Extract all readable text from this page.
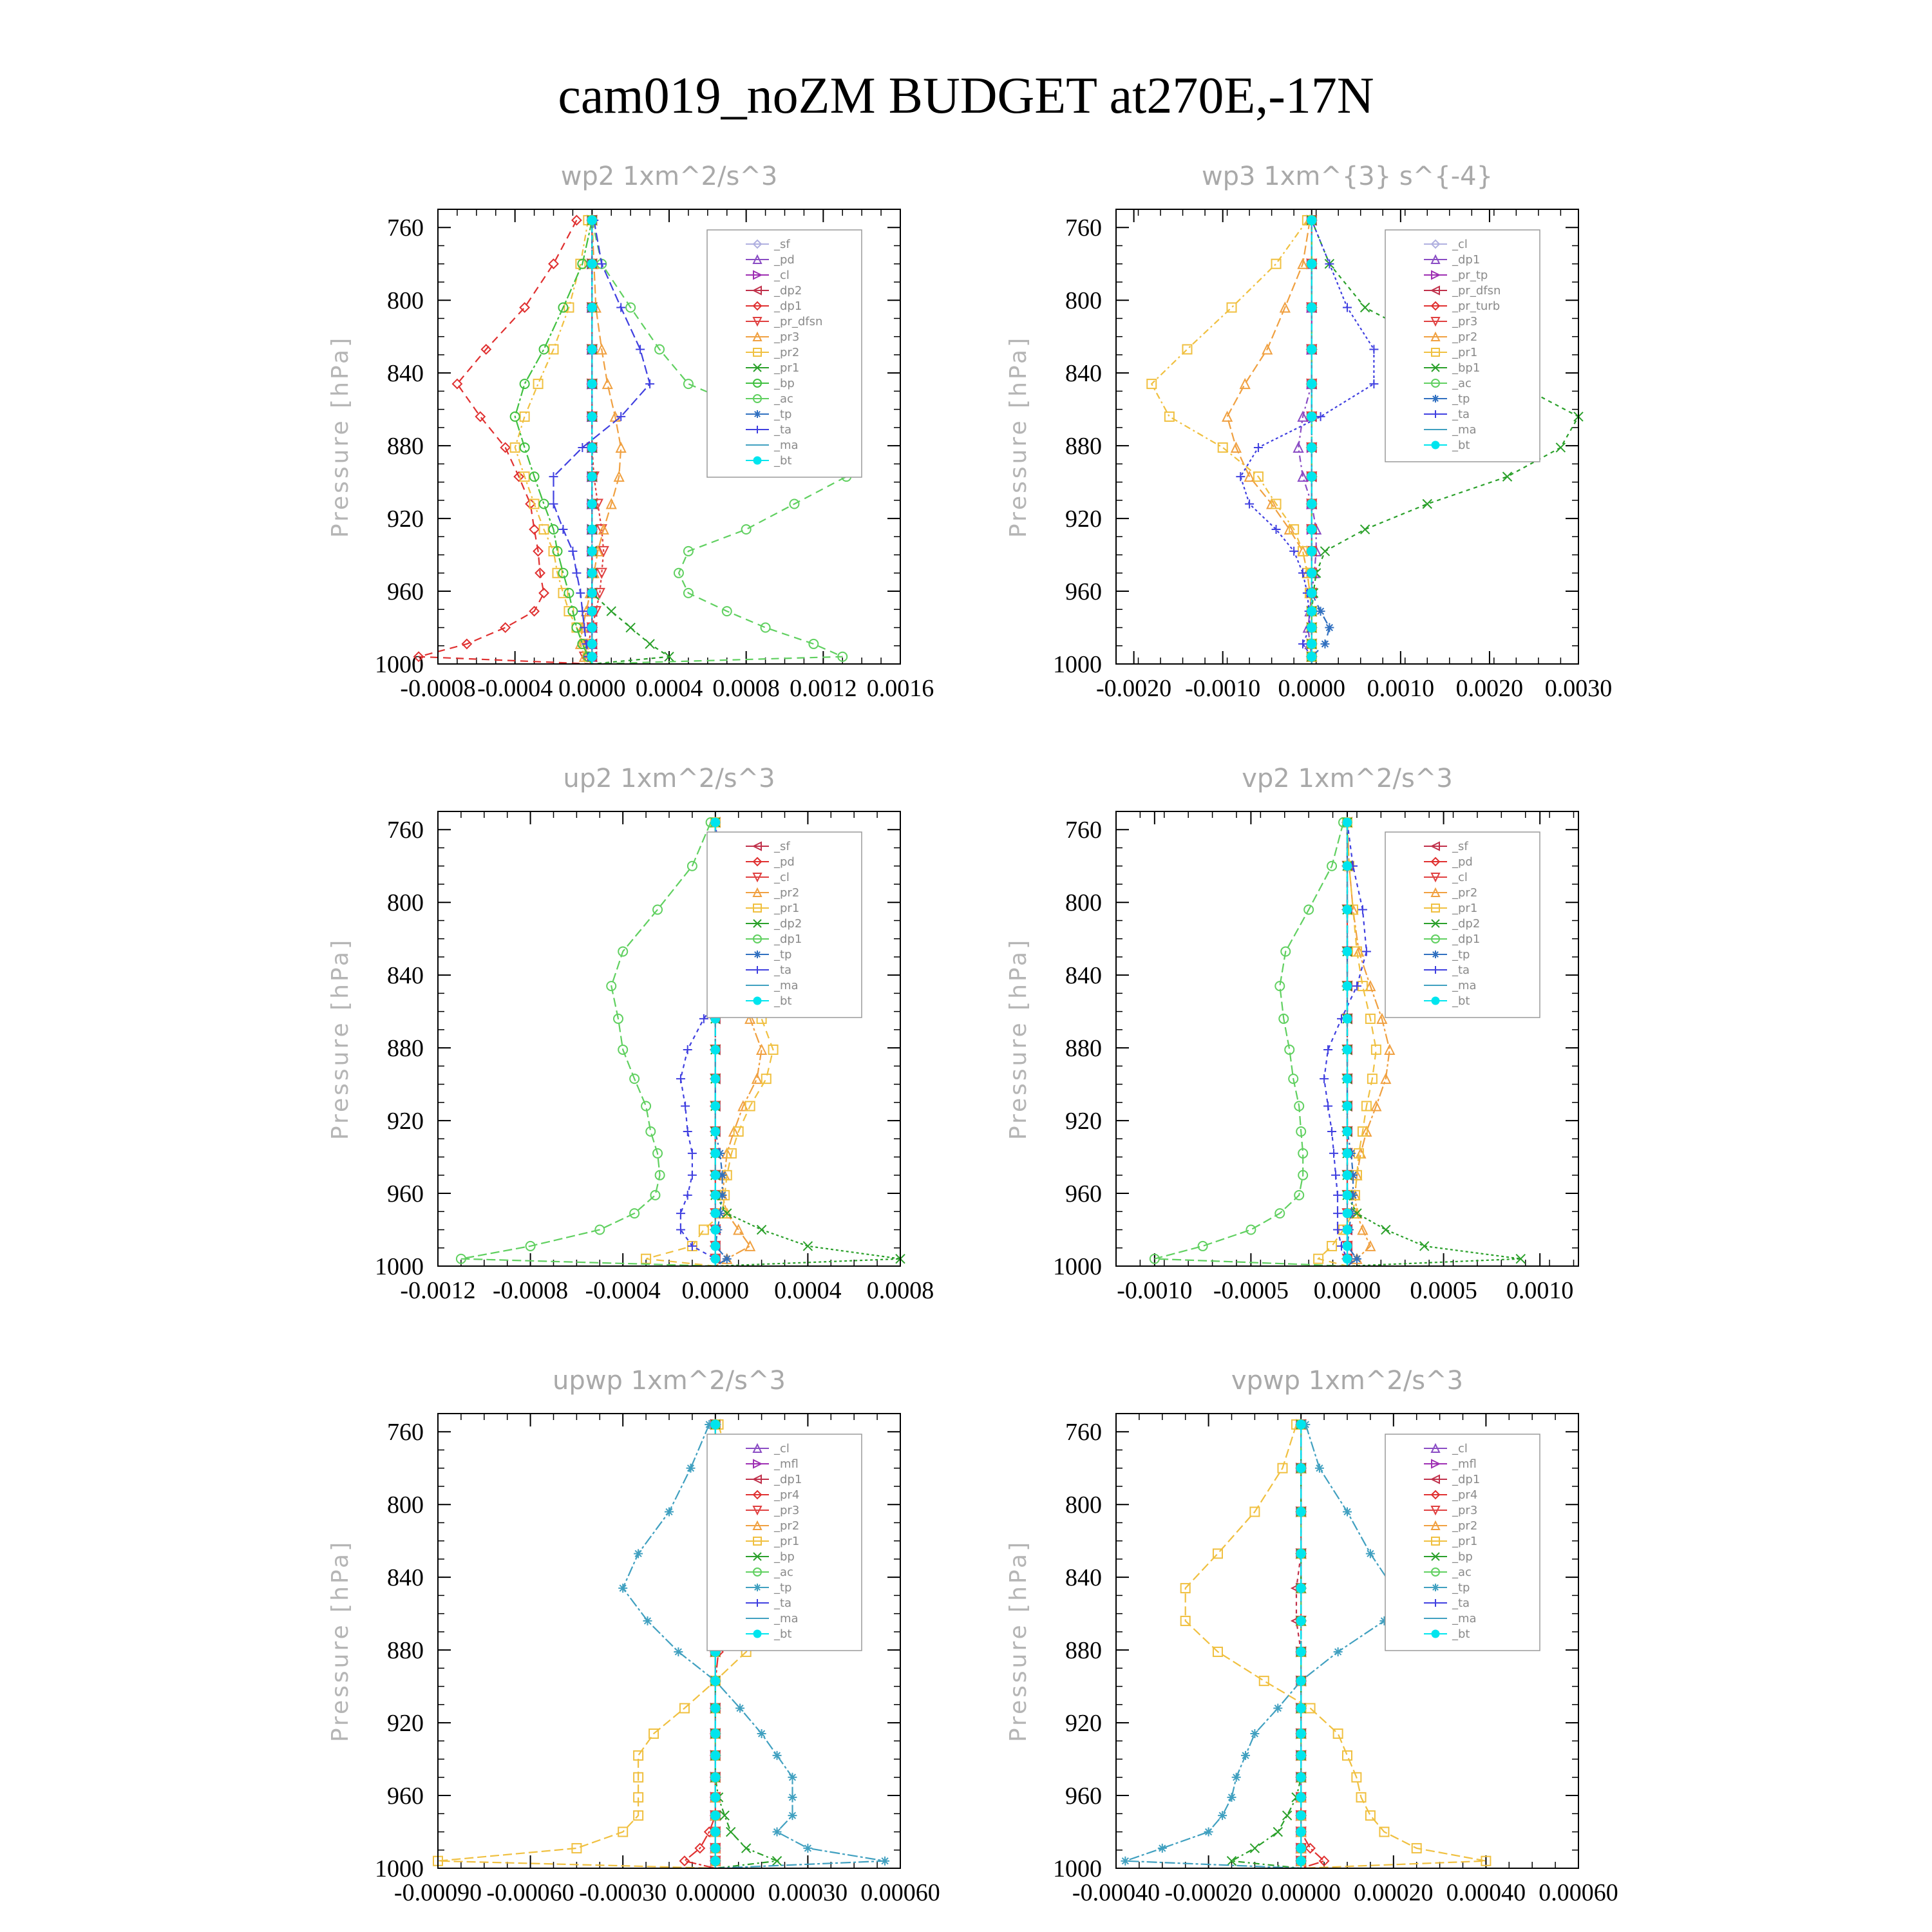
cam019_noZM BUDGET at270E,-17N
wp2 1xm^2/s^3
Pressure [hPa]
760
800
840
880
920
960
1000
-0.0008 -0.0004 0.0000 0.0004 0.0008 0.0012 0.0016
_sf
_pd
_cl
_dp2
_dp1
_pr_dfsn
_pr3
_pr2
_pr1
_bp
_ac
_tp
_ta
_ma
_bt
wp3 1xm^{3} s^{-4}
Pressure [hPa]
760
800
840
880
920
960
1000
-0.0020 -0.0010 0.0000 0.0010 0.0020 0.0030
_cl
_dp1
_pr_tp
_pr_dfsn
_pr_turb
_pr3
_pr2
_pr1
_bp1
_ac
_tp
_ta
_ma
_bt
up2 1xm^2/s^3
Pressure [hPa]
760
800
840
880
920
960
1000
-0.0012 -0.0008 -0.0004 0.0000 0.0004 0.0008
_sf
_pd
_cl
_pr2
_pr1
_dp2
_dp1
_tp
_ta
_ma
_bt
vp2 1xm^2/s^3
Pressure [hPa]
760
800
840
880
920
960
1000
-0.0010 -0.0005 0.0000 0.0005 0.0010
_sf
_pd
_cl
_pr2
_pr1
_dp2
_dp1
_tp
_ta
_ma
_bt
upwp 1xm^2/s^3
Pressure [hPa]
760
800
840
880
920
960
1000
-0.00090 -0.00060 -0.00030 0.00000 0.00030 0.00060
_cl
_mfl
_dp1
_pr4
_pr3
_pr2
_pr1
_bp
_ac
_tp
_ta
_ma
_bt
vpwp 1xm^2/s^3
Pressure [hPa]
760
800
840
880
920
960
1000
-0.00040 -0.00020 0.00000 0.00020 0.00040 0.00060
_cl
_mfl
_dp1
_pr4
_pr3
_pr2
_pr1
_bp
_ac
_tp
_ta
_ma
_bt
